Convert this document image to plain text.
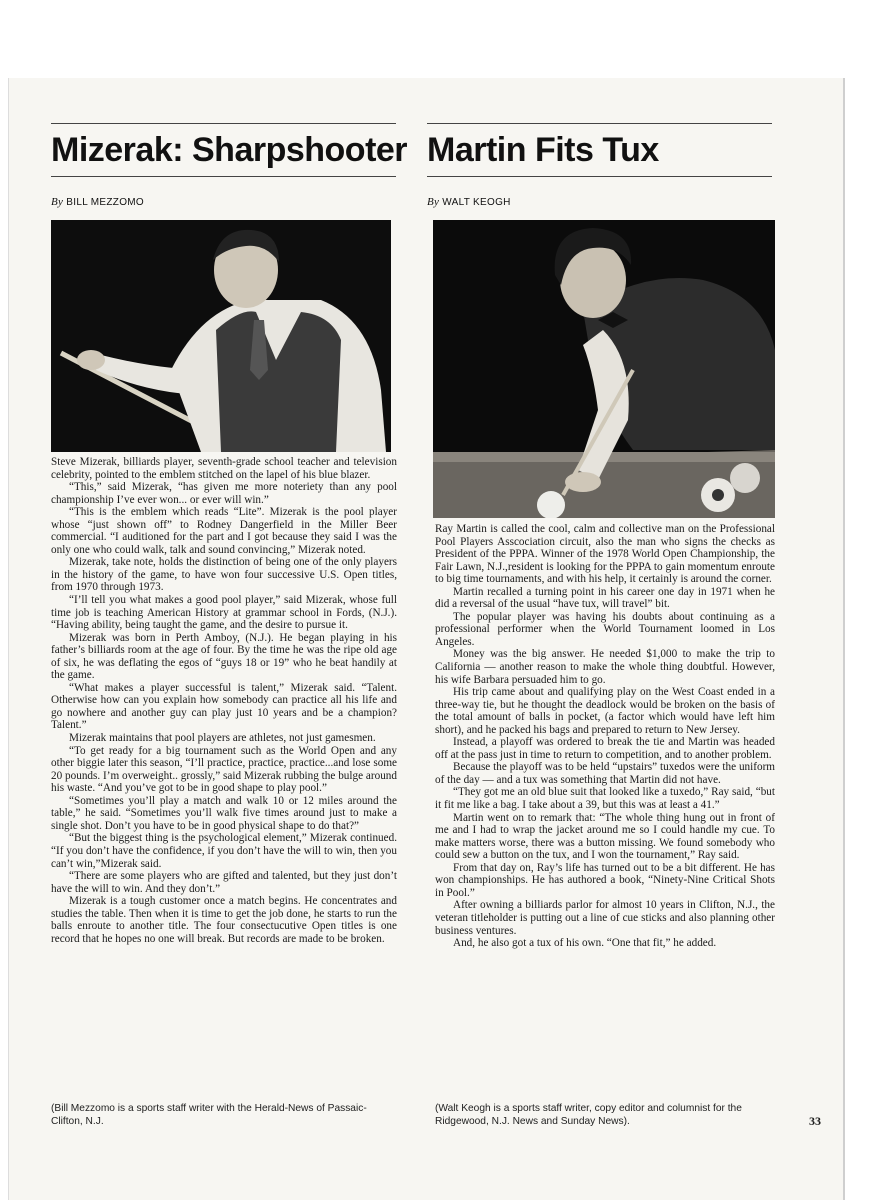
Mizerak: Sharpshooter
By BILL MEZZOMO

Steve Mizerak, billiards player, seventh-grade school teacher and television celebrity, pointed to the emblem stitched on the lapel of his blue blazer.

“This,” said Mizerak, “has given me more noteriety than any pool championship I’ve ever won... or ever will win.”

“This is the emblem which reads “Lite”. Mizerak is the pool player whose “just shown off” to Rodney Dangerfield in the Miller Beer commercial. “I auditioned for the part and I got because they said I was the only one who could walk, talk and sound convincing,” Mizerak noted.

Mizerak, take note, holds the distinction of being one of the only players in the history of the game, to have won four successive U.S. Open titles, from 1970 through 1973.

“I’ll tell you what makes a good pool player,” said Mizerak, whose full time job is teaching American History at grammar school in Fords, (N.J.). “Having ability, being taught the game, and the desire to pursue it.

Mizerak was born in Perth Amboy, (N.J.). He began playing in his father’s billiards room at the age of four. By the time he was the ripe old age of six, he was deflating the egos of “guys 18 or 19” who he beat handily at the game.

“What makes a player successful is talent,” Mizerak said. “Talent. Otherwise how can you explain how somebody can practice all his life and go nowhere and another guy can play just 10 years and be a champion? Talent.”

Mizerak maintains that pool players are athletes, not just gamesmen.

“To get ready for a big tournament such as the World Open and any other biggie later this season, “I’ll practice, practice, practice...and lose some 20 pounds. I’m overweight.. grossly,” said Mizerak rubbing the bulge around his waste. “And you’ve got to be in good shape to play pool.”

“Sometimes you’ll play a match and walk 10 or 12 miles around the table,” he said. “Sometimes you’ll walk five times around just to make a single shot. Don’t you have to be in good physical shape to do that?”

“But the biggest thing is the psychological element,” Mizerak continued. “If you don’t have the confidence, if you don’t have the will to win, then you can’t win,”Mizerak said.

“There are some players who are gifted and talented, but they just don’t have the will to win. And they don’t.”

Mizerak is a tough customer once a match begins. He concentrates and studies the table. Then when it is time to get the job done, he starts to run the balls enroute to another title. The four consectucutive Open titles is one record that he hopes no one will break. But records are made to be broken.

(Bill Mezzomo is a sports staff writer with the Herald-News of Passaic-Clifton, N.J.
Martin Fits Tux
By WALT KEOGH

Ray Martin is called the cool, calm and collective man on the Professional Pool Players Asscociation circuit, also the man who signs the checks as President of the PPPA. Winner of the 1978 World Open Championship, the Fair Lawn, N.J.,resident is looking for the PPPA to gain momentum enroute to big time tournaments, and with his help, it certainly is around the corner.

Martin recalled a turning point in his career one day in 1971 when he did a reversal of the usual “have tux, will travel” bit.

The popular player was having his doubts about continuing as a professional performer when the World Tournament loomed in Los Angeles.

Money was the big answer. He needed $1,000 to make the trip to California — another reason to make the whole thing doubtful. However, his wife Barbara persuaded him to go.

His trip came about and qualifying play on the West Coast ended in a three-way tie, but he thought the deadlock would be broken on the basis of the total amount of balls in pocket, (a factor which would have left him short), and he packed his bags and prepared to return to New Jersey.

Instead, a playoff was ordered to break the tie and Martin was headed off at the pass just in time to return to competition, and to another problem.

Because the playoff was to be held “upstairs” tuxedos were the uniform of the day — and a tux was something that Martin did not have.

“They got me an old blue suit that looked like a tuxedo,” Ray said, “but it fit me like a bag. I take about a 39, but this was at least a 41.”

Martin went on to remark that: “The whole thing hung out in front of me and I had to wrap the jacket around me so I could handle my cue. To make matters worse, there was a button missing. We found somebody who could sew a button on the tux, and I won the tournament,” Ray said.

From that day on, Ray’s life has turned out to be a bit different. He has won championships. He has authored a book, “Ninety-Nine Critical Shots in Pool.”

After owning a billiards parlor for almost 10 years in Clifton, N.J., the veteran titleholder is putting out a line of cue sticks and also planning other business ventures.

And, he also got a tux of his own. “One that fit,” he added.

(Walt Keogh is a sports staff writer, copy editor and columnist for the Ridgewood, N.J. News and Sunday News).	33
